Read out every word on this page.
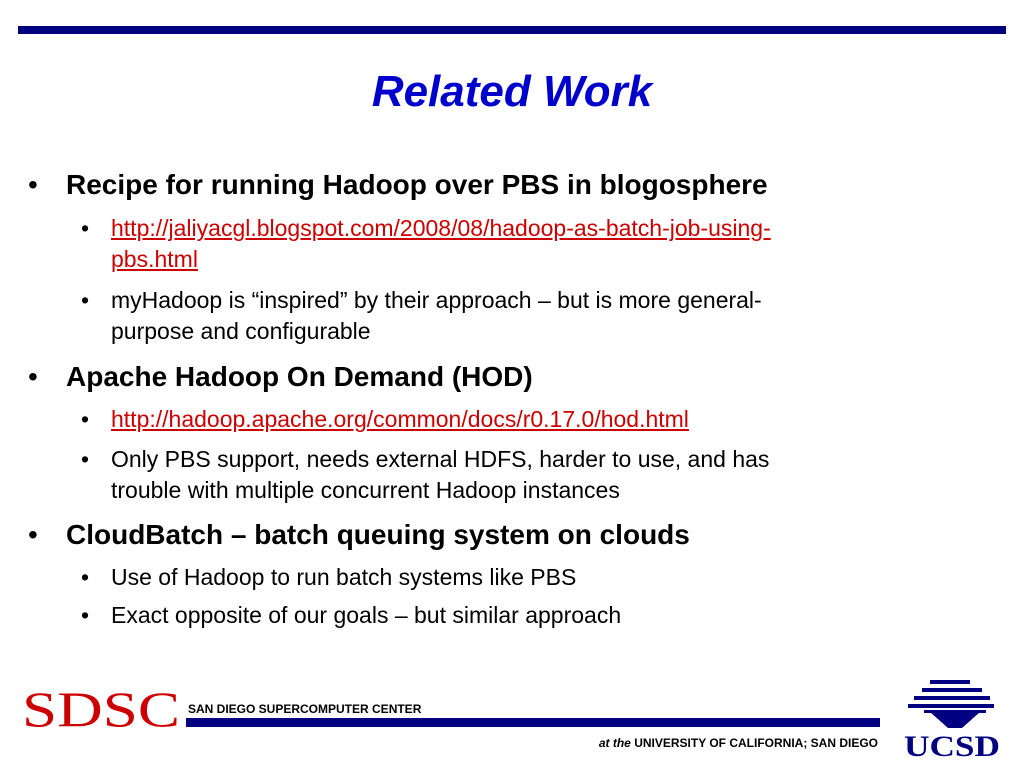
Related Work
• Recipe for running Hadoop over PBS in blogosphere
• http://jaliyacgl.blogspot.com/2008/08/hadoop-as-batch-job-using-
pbs.html
• myHadoop is “inspired” by their approach – but is more general-
purpose and configurable
• Apache Hadoop On Demand (HOD)
• http://hadoop.apache.org/common/docs/r0.17.0/hod.html
• Only PBS support, needs external HDFS, harder to use, and has
trouble with multiple concurrent Hadoop instances
• CloudBatch – batch queuing system on clouds
• Use of Hadoop to run batch systems like PBS
• Exact opposite of our goals – but similar approach
SDSC SAN DIEGO SUPERCOMPUTER CENTER
at the UNIVERSITY OF CALIFORNIA; SAN DIEGO UCSD
